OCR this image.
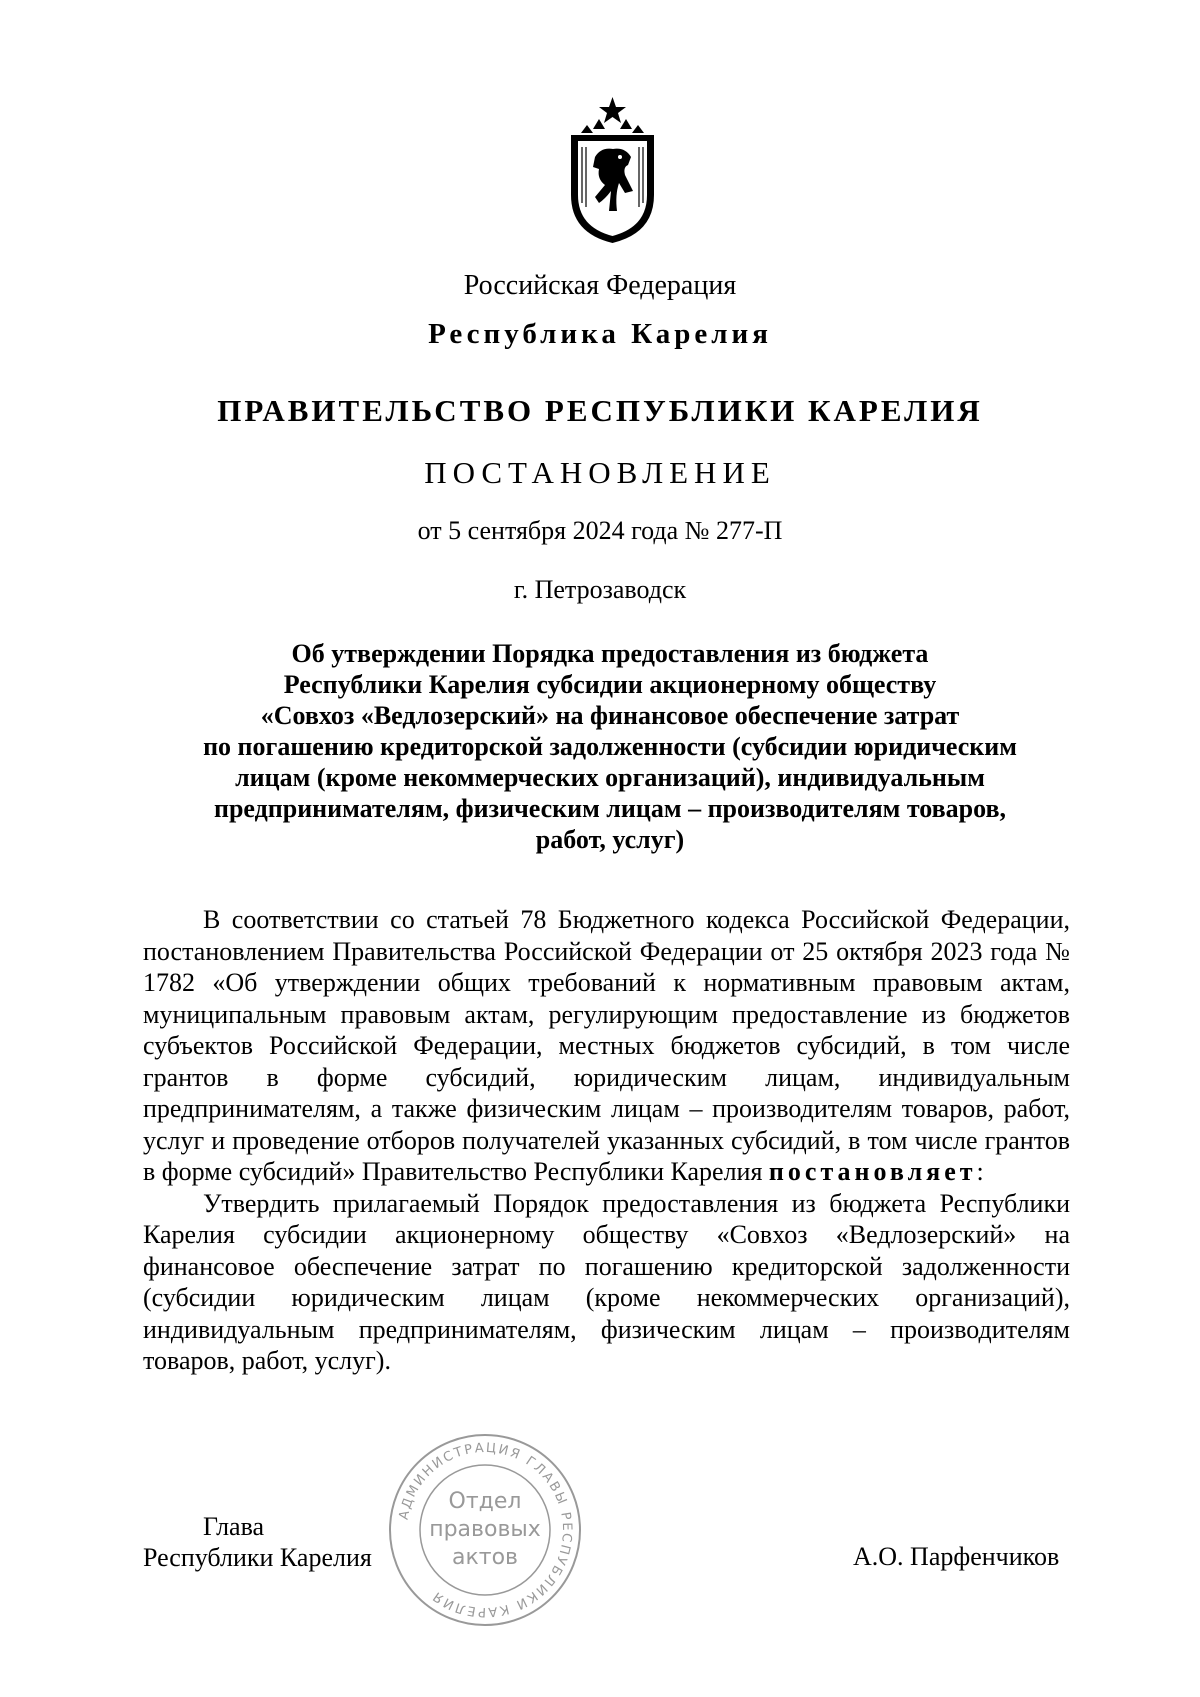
Российская Федерация
Республика Карелия
ПРАВИТЕЛЬСТВО РЕСПУБЛИКИ КАРЕЛИЯ
ПОСТАНОВЛЕНИЕ
от 5 сентября 2024 года № 277-П
г. Петрозаводск
Об утверждении Порядка предоставления из бюджета
Республики Карелия субсидии акционерному обществу
«Совхоз «Ведлозерский» на финансовое обеспечение затрат
по погашению кредиторской задолженности (субсидии юридическим
лицам (кроме некоммерческих организаций), индивидуальным
предпринимателям, физическим лицам – производителям товаров,
работ, услуг)

В соответствии со статьей 78 Бюджетного кодекса Российской Федерации, постановлением Правительства Российской Федерации от 25 октября 2023 года № 1782 «Об утверждении общих требований к нормативным правовым актам, муниципальным правовым актам, регулирующим предоставление из бюджетов субъектов Российской Федерации, местных бюджетов субсидий, в том числе грантов в форме субсидий, юридическим лицам, индивидуальным предпринимателям, а также физическим лицам – производителям товаров, работ, услуг и проведение отборов получателей указанных субсидий, в том числе грантов в форме субсидий» Правительство Республики Карелия постановляет:

Утвердить прилагаемый Порядок предоставления из бюджета Республики Карелия субсидии акционерному обществу «Совхоз «Ведлозерский» на финансовое обеспечение затрат по погашению кредиторской задолженности (субсидии юридическим лицам (кроме некоммерческих организаций), индивидуальным предпринимателям, физическим лицам – производителям товаров, работ, услуг).

Глава
Республики Карелия	А.О. Парфенчиков
АДМИНИСТРАЦИЯ ГЛАВЫ РЕСПУБЛИКИ КАРЕЛИЯ
Отдел
правовых
актов
